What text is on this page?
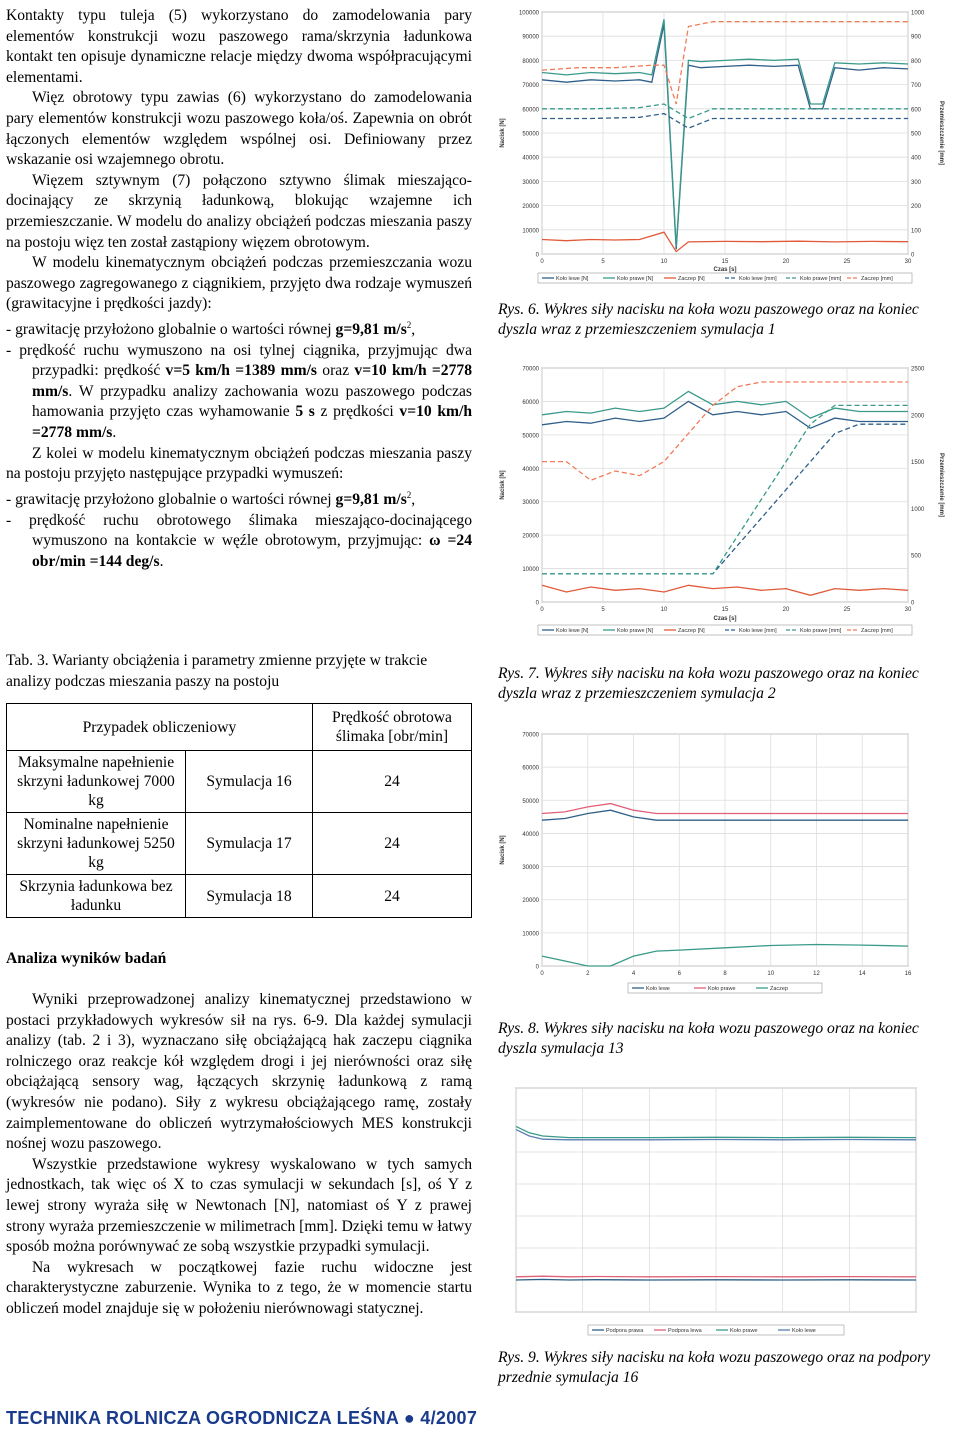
Kontakty typu tuleja (5) wykorzystano do zamodelowania pary elementów konstrukcji wozu paszowego rama/skrzynia ładunkowa kontakt ten opisuje dynamiczne relacje między dwoma współpracującymi elementami.

Więz obrotowy typu zawias (6) wykorzystano do zamodelowania pary elementów konstrukcji wozu paszowego koła/oś. Zapewnia on obrót łączonych elementów względem wspólnej osi. Definiowany przez wskazanie osi wzajemnego obrotu.

Więzem sztywnym (7) połączono sztywno ślimak mieszająco-docinający ze skrzynią ładunkową, blokując wzajemne ich przemieszczanie. W modelu do analizy obciążeń podczas mieszania paszy na postoju więz ten został zastąpiony więzem obrotowym.

W modelu kinematycznym obciążeń podczas przemieszczania wozu paszowego zagregowanego z ciągnikiem, przyjęto dwa rodzaje wymuszeń (grawitacyjne i prędkości jazdy):

- grawitację przyłożono globalnie o wartości równej g=9,81 $m/s^2$,
- prędkość ruchu wymuszono na osi tylnej ciągnika, przyjmując dwa przypadki: prędkość v=5 km/h =1389 mm/s oraz v=10 km/h =2778 mm/s. W przypadku analizy zachowania wozu paszowego podczas hamowania przyjęto czas wyhamowanie 5 s z prędkości v=10 km/h =2778 mm/s.

Z kolei w modelu kinematycznym obciążeń podczas mieszania paszy na postoju przyjęto następujące przypadki wymuszeń:

- grawitację przyłożono globalnie o wartości równej g=9,81 $m/s^2$,
- prędkość ruchu obrotowego ślimaka mieszająco-docinającego wymuszono na kontakcie w węźle obrotowym, przyjmując: ω =24 obr/min =144 deg/s.
Tab. 3. Warianty obciążenia i parametry zmienne przyjęte w trakcie analizy podczas mieszania paszy na postoju
Przypadek obliczeniowy		Prędkość obrotowa ślimaka [obr/min]
Maksymalne napełnienie skrzyni ładunkowej 7000 kg	Symulacja 16	24
Nominalne napełnienie skrzyni ładunkowej 5250 kg	Symulacja 17	24
Skrzynia ładunkowa bez ładunku	Symulacja 18	24
Analiza wyników badań

Wyniki przeprowadzonej analizy kinematycznej przedstawiono w postaci przykładowych wykresów sił na rys. 6-9. Dla każdej symulacji analizy (tab. 2 i 3), wyznaczano siłę obciążającą hak zaczepu ciągnika rolniczego oraz reakcje kół względem drogi i jej nierówności oraz siłę obciążającą sensory wag, łączących skrzynię ładunkową z ramą (wykresów nie podano). Siły z wykresu obciążającego ramę, zostały zaimplementowane do obliczeń wytrzymałościowych MES konstrukcji nośnej wozu paszowego.

Wszystkie przedstawione wykresy wyskalowano w tych samych jednostkach, tak więc oś X to czas symulacji w sekundach [s], oś Y z lewej strony wyraża siłę w Newtonach [N], natomiast oś Y z prawej strony wyraża przemieszczenie w milimetrach [mm]. Dzięki temu w łatwy sposób można porównywać ze sobą wszystkie przypadki symulacji.

Na wykresach w początkowej fazie ruchu widoczne jest charakterystyczne zaburzenie. Wynika to z tego, że w momencie startu obliczeń model znajduje się w położeniu nierównowagi statycznej.

TECHNIKA ROLNICZA OGRODNICZA LEŚNA ● 4/2007
0
10000
20000
30000
40000
50000
60000
70000
80000
90000
100000
0
100
200
300
400
500
600
700
800
900
1000
0	5	10	15	20	25	30
Czas [s]
Nacisk [N]	Przemieszczenie [mm]
Koło lewe [N]	Koło prawe [N]	Zaczep [N]	Koło lewe [mm]	Koło prawe [mm]	Zaczep [mm]
Rys. 6. Wykres siły nacisku na koła wozu paszowego oraz na koniec dyszla wraz z przemieszczeniem symulacja 1
0
10000
20000
30000
40000
50000
60000
70000
0
500
1000
1500
2000
2500
0	5	10	15	20	25	30
Czas [s]
Nacisk [N]	Przemieszczenie [mm]
Koło lewe [N]	Koło prawe [N]	Zaczep [N]	Koło lewe [mm]	Koło prawe [mm]	Zaczep [mm]
Rys. 7. Wykres siły nacisku na koła wozu paszowego oraz na koniec dyszla wraz z przemieszczeniem symulacja 2
0
10000
20000
30000
40000
50000
60000
70000
0	2	4	6	8	10	12	14	16
Nacisk [N]
Koło lewe	Koło prawe	Zaczep
Rys. 8. Wykres siły nacisku na koła wozu paszowego oraz na koniec dyszla symulacja 13
Podpora prawa	Podpora lewa	Koło prawe	Koło lewe
Rys. 9. Wykres siły nacisku na koła wozu paszowego oraz na podpory przednie symulacja 16
